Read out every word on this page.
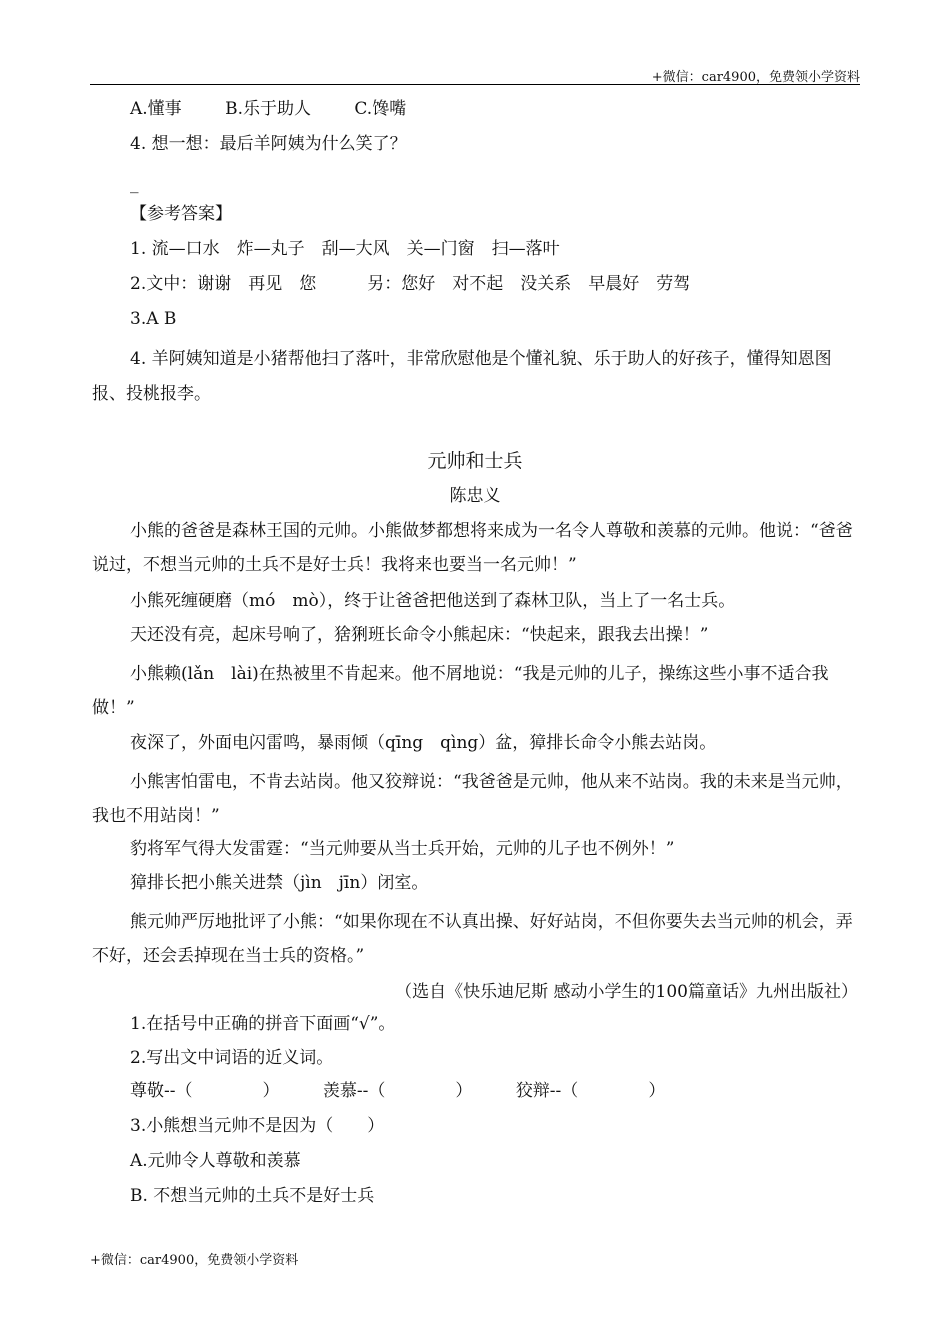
+微信：car4900，免费领小学资料
A.懂事	B.乐于助人	C.馋嘴
4. 想一想：最后羊阿姨为什么笑了？
_
【参考答案】
1. 流—口水　炸—丸子　刮—大风　关—门窗　扫—落叶
2.文中：谢谢　再见　您　　　另：您好　对不起　没关系　早晨好　劳驾
3.A B
4. 羊阿姨知道是小猪帮他扫了落叶，非常欣慰他是个懂礼貌、乐于助人的好孩子，懂得知恩图报、投桃报李。
元帅和士兵
陈忠义
小熊的爸爸是森林王国的元帅。小熊做梦都想将来成为一名令人尊敬和羡慕的元帅。他说：“爸爸说过，不想当元帅的土兵不是好士兵！我将来也要当一名元帅！”
小熊死缠硬磨（mó　mò），终于让爸爸把他送到了森林卫队，当上了一名士兵。
天还没有亮，起床号响了，猞猁班长命令小熊起床：“快起来，跟我去出操！”
小熊赖(lǎn　lài)在热被里不肯起来。他不屑地说：“我是元帅的儿子，操练这些小事不适合我做！”
夜深了，外面电闪雷鸣，暴雨倾（qīng　qìng）盆，獐排长命令小熊去站岗。
小熊害怕雷电，不肯去站岗。他又狡辩说：“我爸爸是元帅，他从来不站岗。我的未来是当元帅，我也不用站岗！”
豹将军气得大发雷霆：“当元帅要从当士兵开始，元帅的儿子也不例外！”
獐排长把小熊关进禁（jìn　jīn）闭室。
熊元帅严厉地批评了小熊：“如果你现在不认真出操、好好站岗，不但你要失去当元帅的机会，弄不好，还会丢掉现在当士兵的资格。”
（选自《快乐迪尼斯 感动小学生的100篇童话》九州出版社）
1.在括号中正确的拼音下面画“√”。
2.写出文中词语的近义词。
尊敬--（	）	羡慕--（	）	狡辩--（	）
3.小熊想当元帅不是因为（　　）
A.元帅令人尊敬和羡慕
B. 不想当元帅的土兵不是好士兵
+微信：car4900，免费领小学资料
